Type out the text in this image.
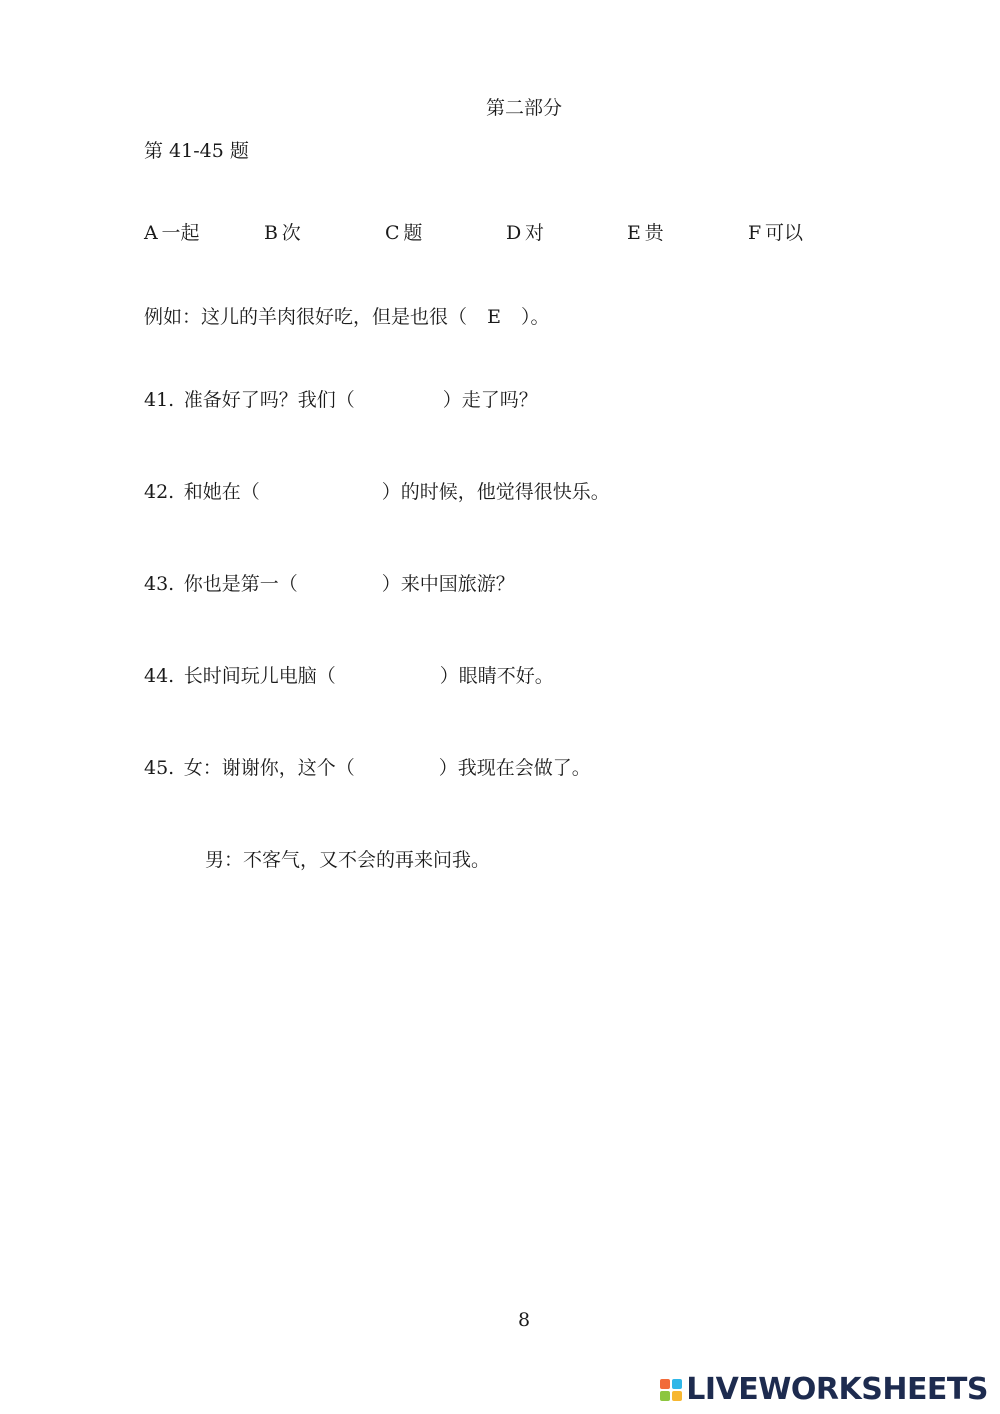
第二部分
第 41-45 题
A  一起	B  次	C  题	D  对	E  贵	F  可以
例如：这儿的羊肉很好吃，但是也很（ E ）。
41.  准备好了吗？我们（	）走了吗？
42.  和她在（	）的时候，他觉得很快乐。
43.  你也是第一（	）来中国旅游？
44.  长时间玩儿电脑（	）眼睛不好。
45.  女：谢谢你，这个（	）我现在会做了。
男：不客气，又不会的再来问我。
8
LIVEWORKSHEETS
